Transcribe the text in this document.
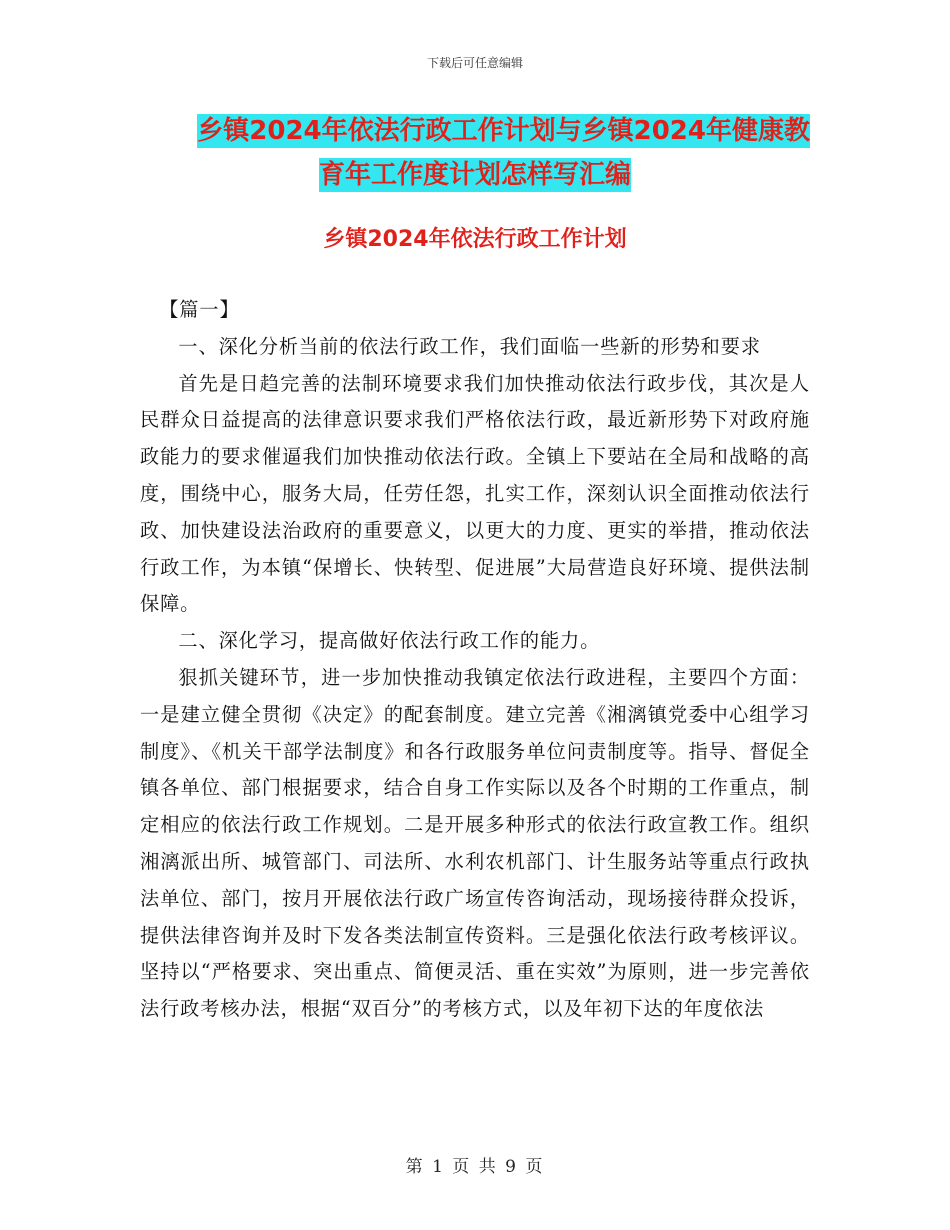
下载后可任意编辑
乡镇2024年依法行政工作计划与乡镇2024年健康教
育年工作度计划怎样写汇编
乡镇2024年依法行政工作计划

【篇一】

一、深化分析当前的依法行政工作，我们面临一些新的形势和要求

首先是日趋完善的法制环境要求我们加快推动依法行政步伐，其次是人民群众日益提高的法律意识要求我们严格依法行政，最近新形势下对政府施政能力的要求催逼我们加快推动依法行政。全镇上下要站在全局和战略的高度，围绕中心，服务大局，任劳任怨，扎实工作，深刻认识全面推动依法行政、加快建设法治政府的重要意义，以更大的力度、更实的举措，推动依法行政工作，为本镇“保增长、快转型、促进展”大局营造良好环境、提供法制保障。

二、深化学习，提高做好依法行政工作的能力。

狠抓关键环节，进一步加快推动我镇定依法行政进程，主要四个方面：一是建立健全贯彻《决定》的配套制度。建立完善《湘漓镇党委中心组学习制度》、《机关干部学法制度》和各行政服务单位问责制度等。指导、督促全镇各单位、部门根据要求，结合自身工作实际以及各个时期的工作重点，制定相应的依法行政工作规划。二是开展多种形式的依法行政宣教工作。组织湘漓派出所、城管部门、司法所、水利农机部门、计生服务站等重点行政执法单位、部门，按月开展依法行政广场宣传咨询活动，现场接待群众投诉，提供法律咨询并及时下发各类法制宣传资料。三是强化依法行政考核评议。坚持以“严格要求、突出重点、简便灵活、重在实效”为原则，进一步完善依法行政考核办法，根据“双百分”的考核方式，以及年初下达的年度依法

第 1 页 共 9 页
